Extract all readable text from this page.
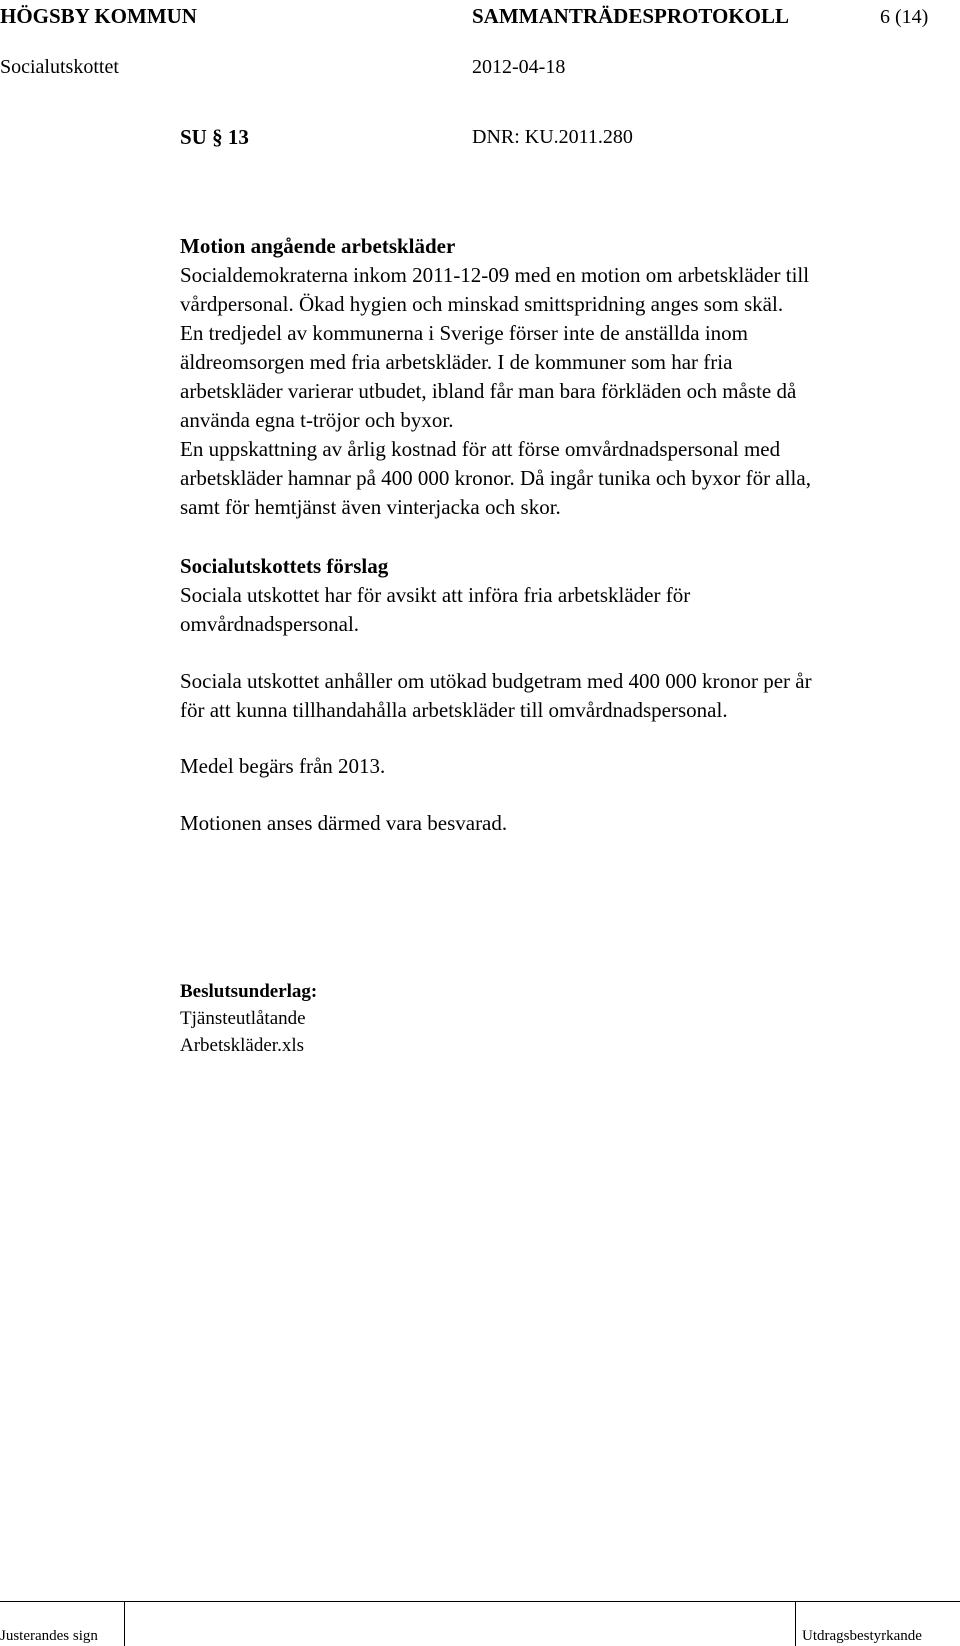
HÖGSBY KOMMUN	SAMMANTRÄDESPROTOKOLL	6 (14)
Socialutskottet	2012-04-18
SU § 13	DNR: KU.2011.280
Motion angående arbetskläder
Socialdemokraterna inkom 2011-12-09 med en motion om arbetskläder till
vårdpersonal. Ökad hygien och minskad smittspridning anges som skäl.
En tredjedel av kommunerna i Sverige förser inte de anställda inom
äldreomsorgen med fria arbetskläder. I de kommuner som har fria
arbetskläder varierar utbudet, ibland får man bara förkläden och måste då
använda egna t-tröjor och byxor.
En uppskattning av årlig kostnad för att förse omvårdnadspersonal med
arbetskläder hamnar på 400 000 kronor. Då ingår tunika och byxor för alla,
samt för hemtjänst även vinterjacka och skor.
Socialutskottets förslag
Sociala utskottet har för avsikt att införa fria arbetskläder för
omvårdnadspersonal.
Sociala utskottet anhåller om utökad budgetram med 400 000 kronor per år
för att kunna tillhandahålla arbetskläder till omvårdnadspersonal.
Medel begärs från 2013.
Motionen anses därmed vara besvarad.
Beslutsunderlag:
Tjänsteutlåtande
Arbetskläder.xls
Justerandes sign	Utdragsbestyrkande
